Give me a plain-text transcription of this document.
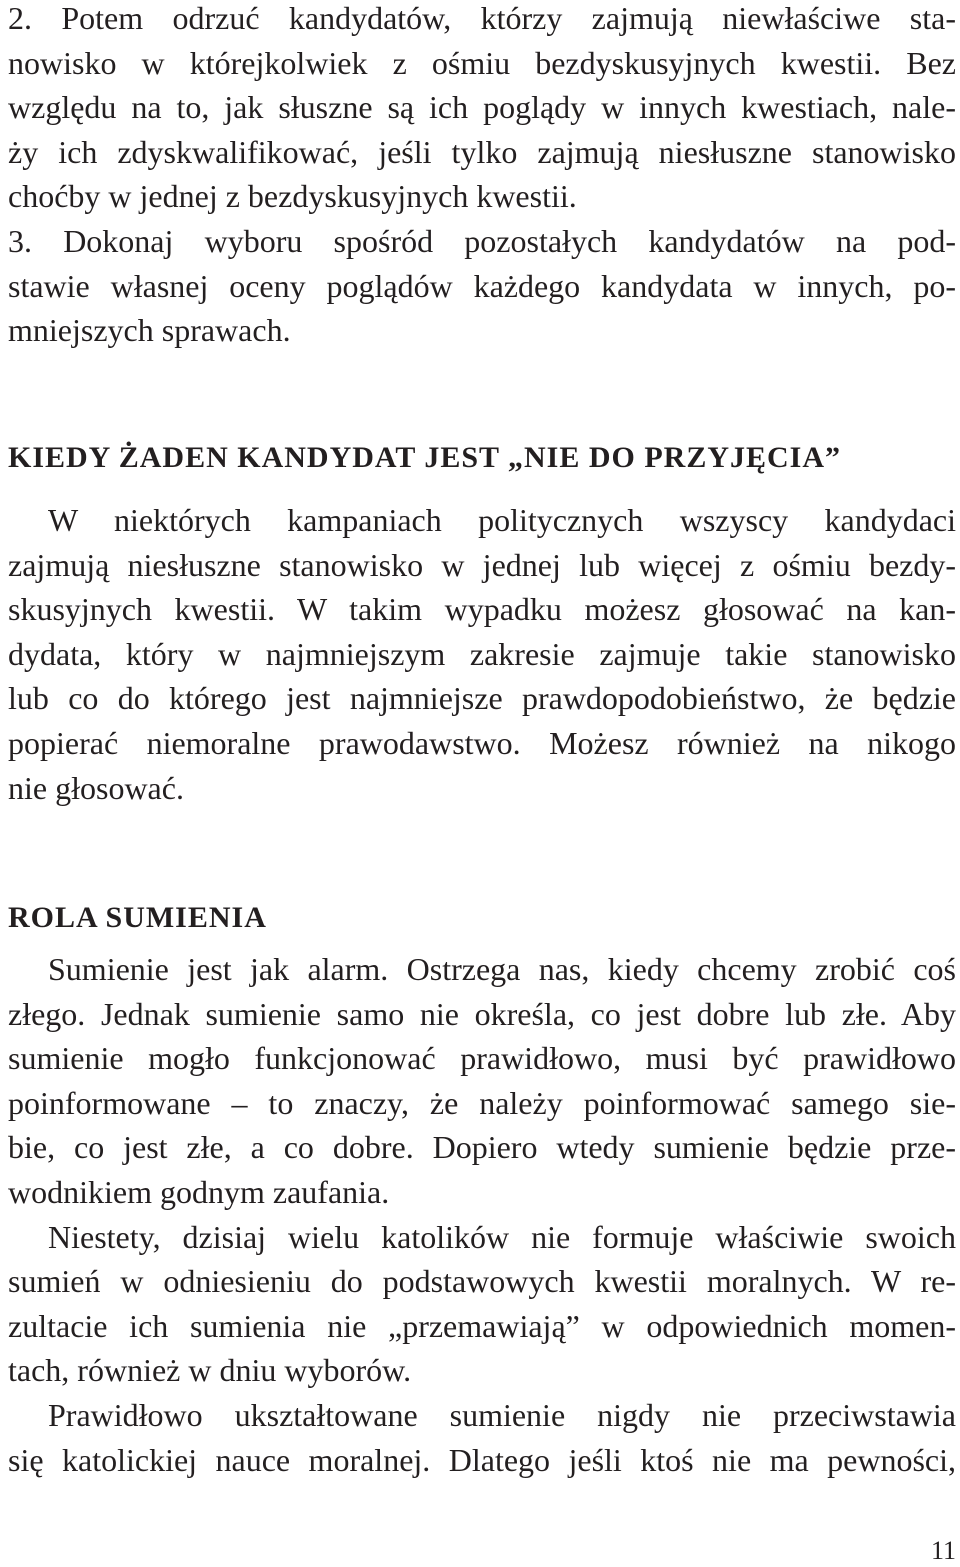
2. Potem odrzuć kandydatów, którzy zajmują niewłaściwe sta-
nowisko w którejkolwiek z ośmiu bezdyskusyjnych kwestii. Bez
względu na to, jak słuszne są ich poglądy w innych kwestiach, nale-
ży ich zdyskwalifikować, jeśli tylko zajmują niesłuszne stanowisko
choćby w jednej z bezdyskusyjnych kwestii.
3. Dokonaj wyboru spośród pozostałych kandydatów na pod-
stawie własnej oceny poglądów każdego kandydata w innych, po-
mniejszych sprawach.
KIEDY ŻADEN KANDYDAT JEST „NIE DO PRZYJĘCIA”
W niektórych kampaniach politycznych wszyscy kandydaci
zajmują niesłuszne stanowisko w jednej lub więcej z ośmiu bezdy-
skusyjnych kwestii. W takim wypadku możesz głosować na kan-
dydata, który w najmniejszym zakresie zajmuje takie stanowisko
lub co do którego jest najmniejsze prawdopodobieństwo, że będzie
popierać niemoralne prawodawstwo. Możesz również na nikogo
nie głosować.
ROLA SUMIENIA
Sumienie jest jak alarm. Ostrzega nas, kiedy chcemy zrobić coś
złego. Jednak sumienie samo nie określa, co jest dobre lub złe. Aby
sumienie mogło funkcjonować prawidłowo, musi być prawidłowo
poinformowane – to znaczy, że należy poinformować samego sie-
bie, co jest złe, a co dobre. Dopiero wtedy sumienie będzie prze-
wodnikiem godnym zaufania.
Niestety, dzisiaj wielu katolików nie formuje właściwie swoich
sumień w odniesieniu do podstawowych kwestii moralnych. W re-
zultacie ich sumienia nie „przemawiają” w odpowiednich momen-
tach, również w dniu wyborów.
Prawidłowo ukształtowane sumienie nigdy nie przeciwstawia
się katolickiej nauce moralnej. Dlatego jeśli ktoś nie ma pewności,
11
